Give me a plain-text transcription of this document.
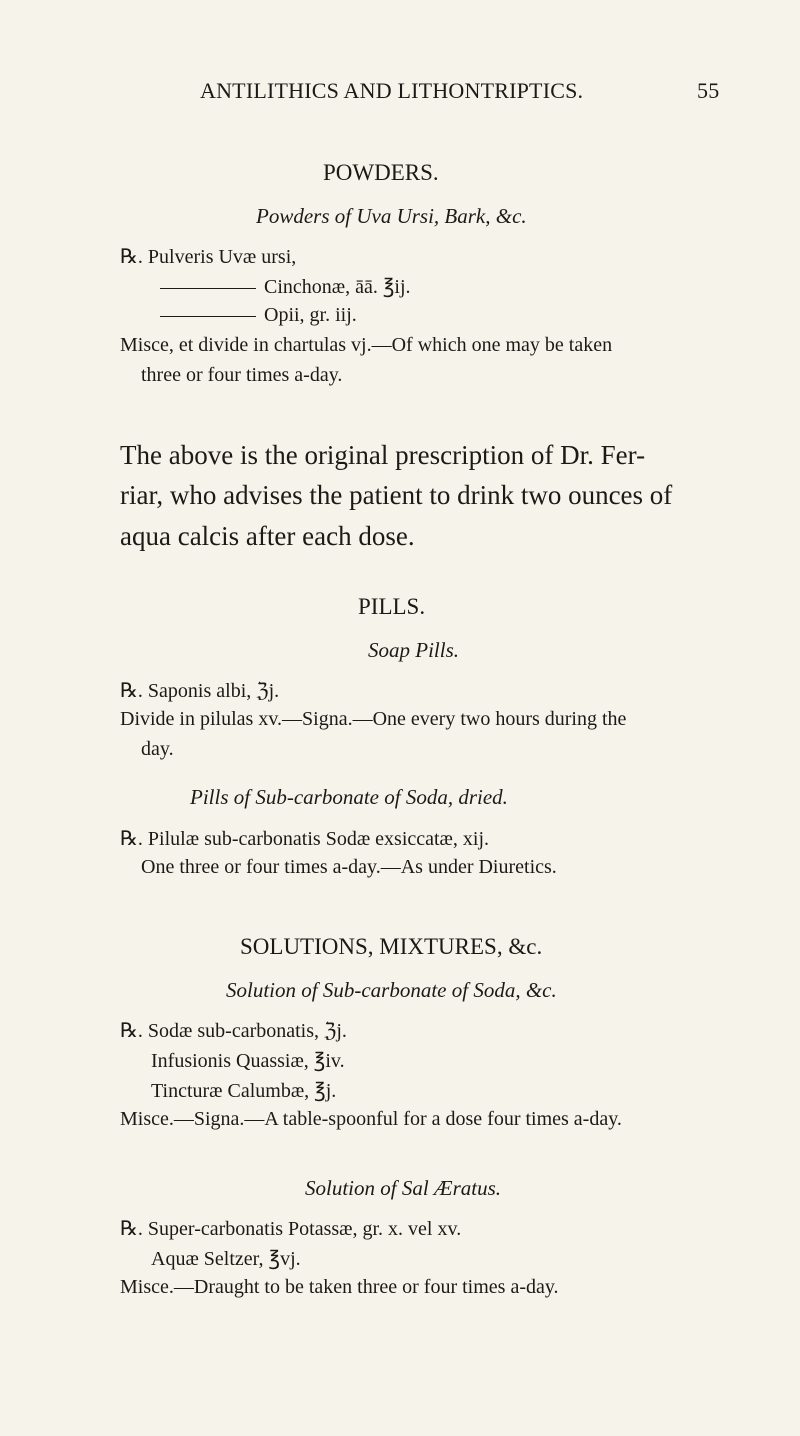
ANTILITHICS AND LITHONTRIPTICS.	55
POWDERS.
Powders of Uva Ursi, Bark, &c.
℞. Pulveris Uvæ ursi,
Cinchonæ, āā. ℥ij.
Opii, gr. iij.
Misce, et divide in chartulas vj.—Of which one may be taken
three or four times a-day.
The above is the original prescription of Dr. Fer-
riar, who advises the patient to drink two ounces of
aqua calcis after each dose.
PILLS.
Soap Pills.
℞. Saponis albi, ℨj.
Divide in pilulas xv.—Signa.—One every two hours during the
day.
Pills of Sub-carbonate of Soda, dried.
℞. Pilulæ sub-carbonatis Sodæ exsiccatæ, xij.
One three or four times a-day.—As under Diuretics.
SOLUTIONS, MIXTURES, &c.
Solution of Sub-carbonate of Soda, &c.
℞. Sodæ sub-carbonatis, ℨj.
Infusionis Quassiæ, ℥iv.
Tincturæ Calumbæ, ℥j.
Misce.—Signa.—A table-spoonful for a dose four times a-day.
Solution of Sal Æratus.
℞. Super-carbonatis Potassæ, gr. x. vel xv.
Aquæ Seltzer, ℥vj.
Misce.—Draught to be taken three or four times a-day.
